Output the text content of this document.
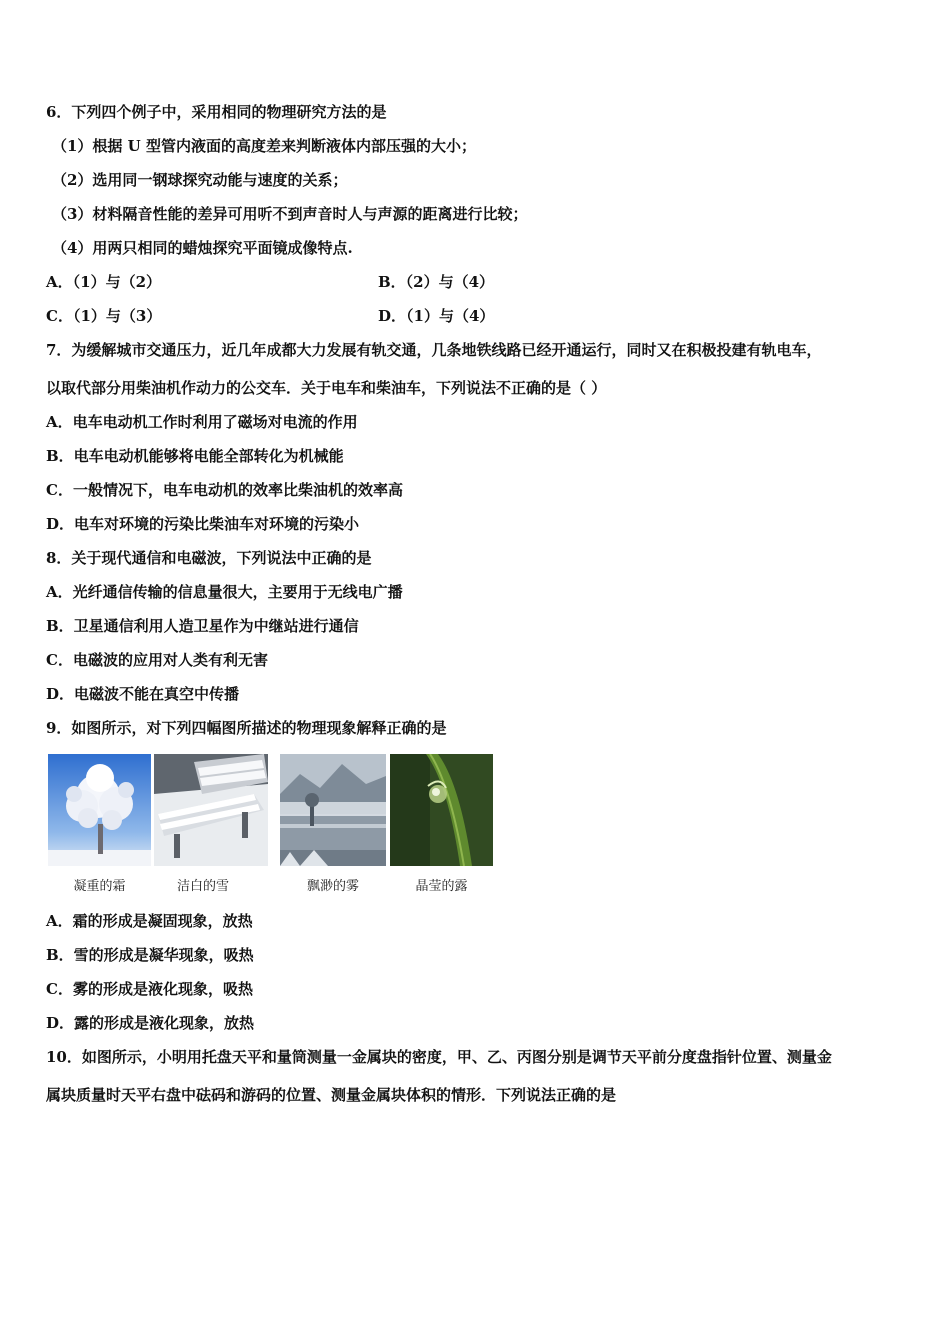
6．下列四个例子中，采用相同的物理研究方法的是
（1）根据 U 型管内液面的高度差来判断液体内部压强的大小；
（2）选用同一钢球探究动能与速度的关系；
（3）材料隔音性能的差异可用听不到声音时人与声源的距离进行比较；
（4）用两只相同的蜡烛探究平面镜成像特点.
A．（1）与（2）	B．（2）与（4）
C．（1）与（3）	D．（1）与（4）
7．为缓解城市交通压力，近几年成都大力发展有轨交通，几条地铁线路已经开通运行，同时又在积极投建有轨电车，
以取代部分用柴油机作动力的公交车．关于电车和柴油车，下列说法不正确的是（ ）
A．电车电动机工作时利用了磁场对电流的作用
B．电车电动机能够将电能全部转化为机械能
C．一般情况下，电车电动机的效率比柴油机的效率高
D．电车对环境的污染比柴油车对环境的污染小
8．关于现代通信和电磁波，下列说法中正确的是
A．光纤通信传输的信息量很大，主要用于无线电广播
B．卫星通信利用人造卫星作为中继站进行通信
C．电磁波的应用对人类有利无害
D．电磁波不能在真空中传播
9．如图所示，对下列四幅图所描述的物理现象解释正确的是
凝重的霜	洁白的雪	飘渺的雾	晶莹的露
A．霜的形成是凝固现象，放热
B．雪的形成是凝华现象，吸热
C．雾的形成是液化现象，吸热
D．露的形成是液化现象，放热
10．如图所示，小明用托盘天平和量筒测量一金属块的密度，甲、乙、丙图分别是调节天平前分度盘指针位置、测量金
属块质量时天平右盘中砝码和游码的位置、测量金属块体积的情形．下列说法正确的是
